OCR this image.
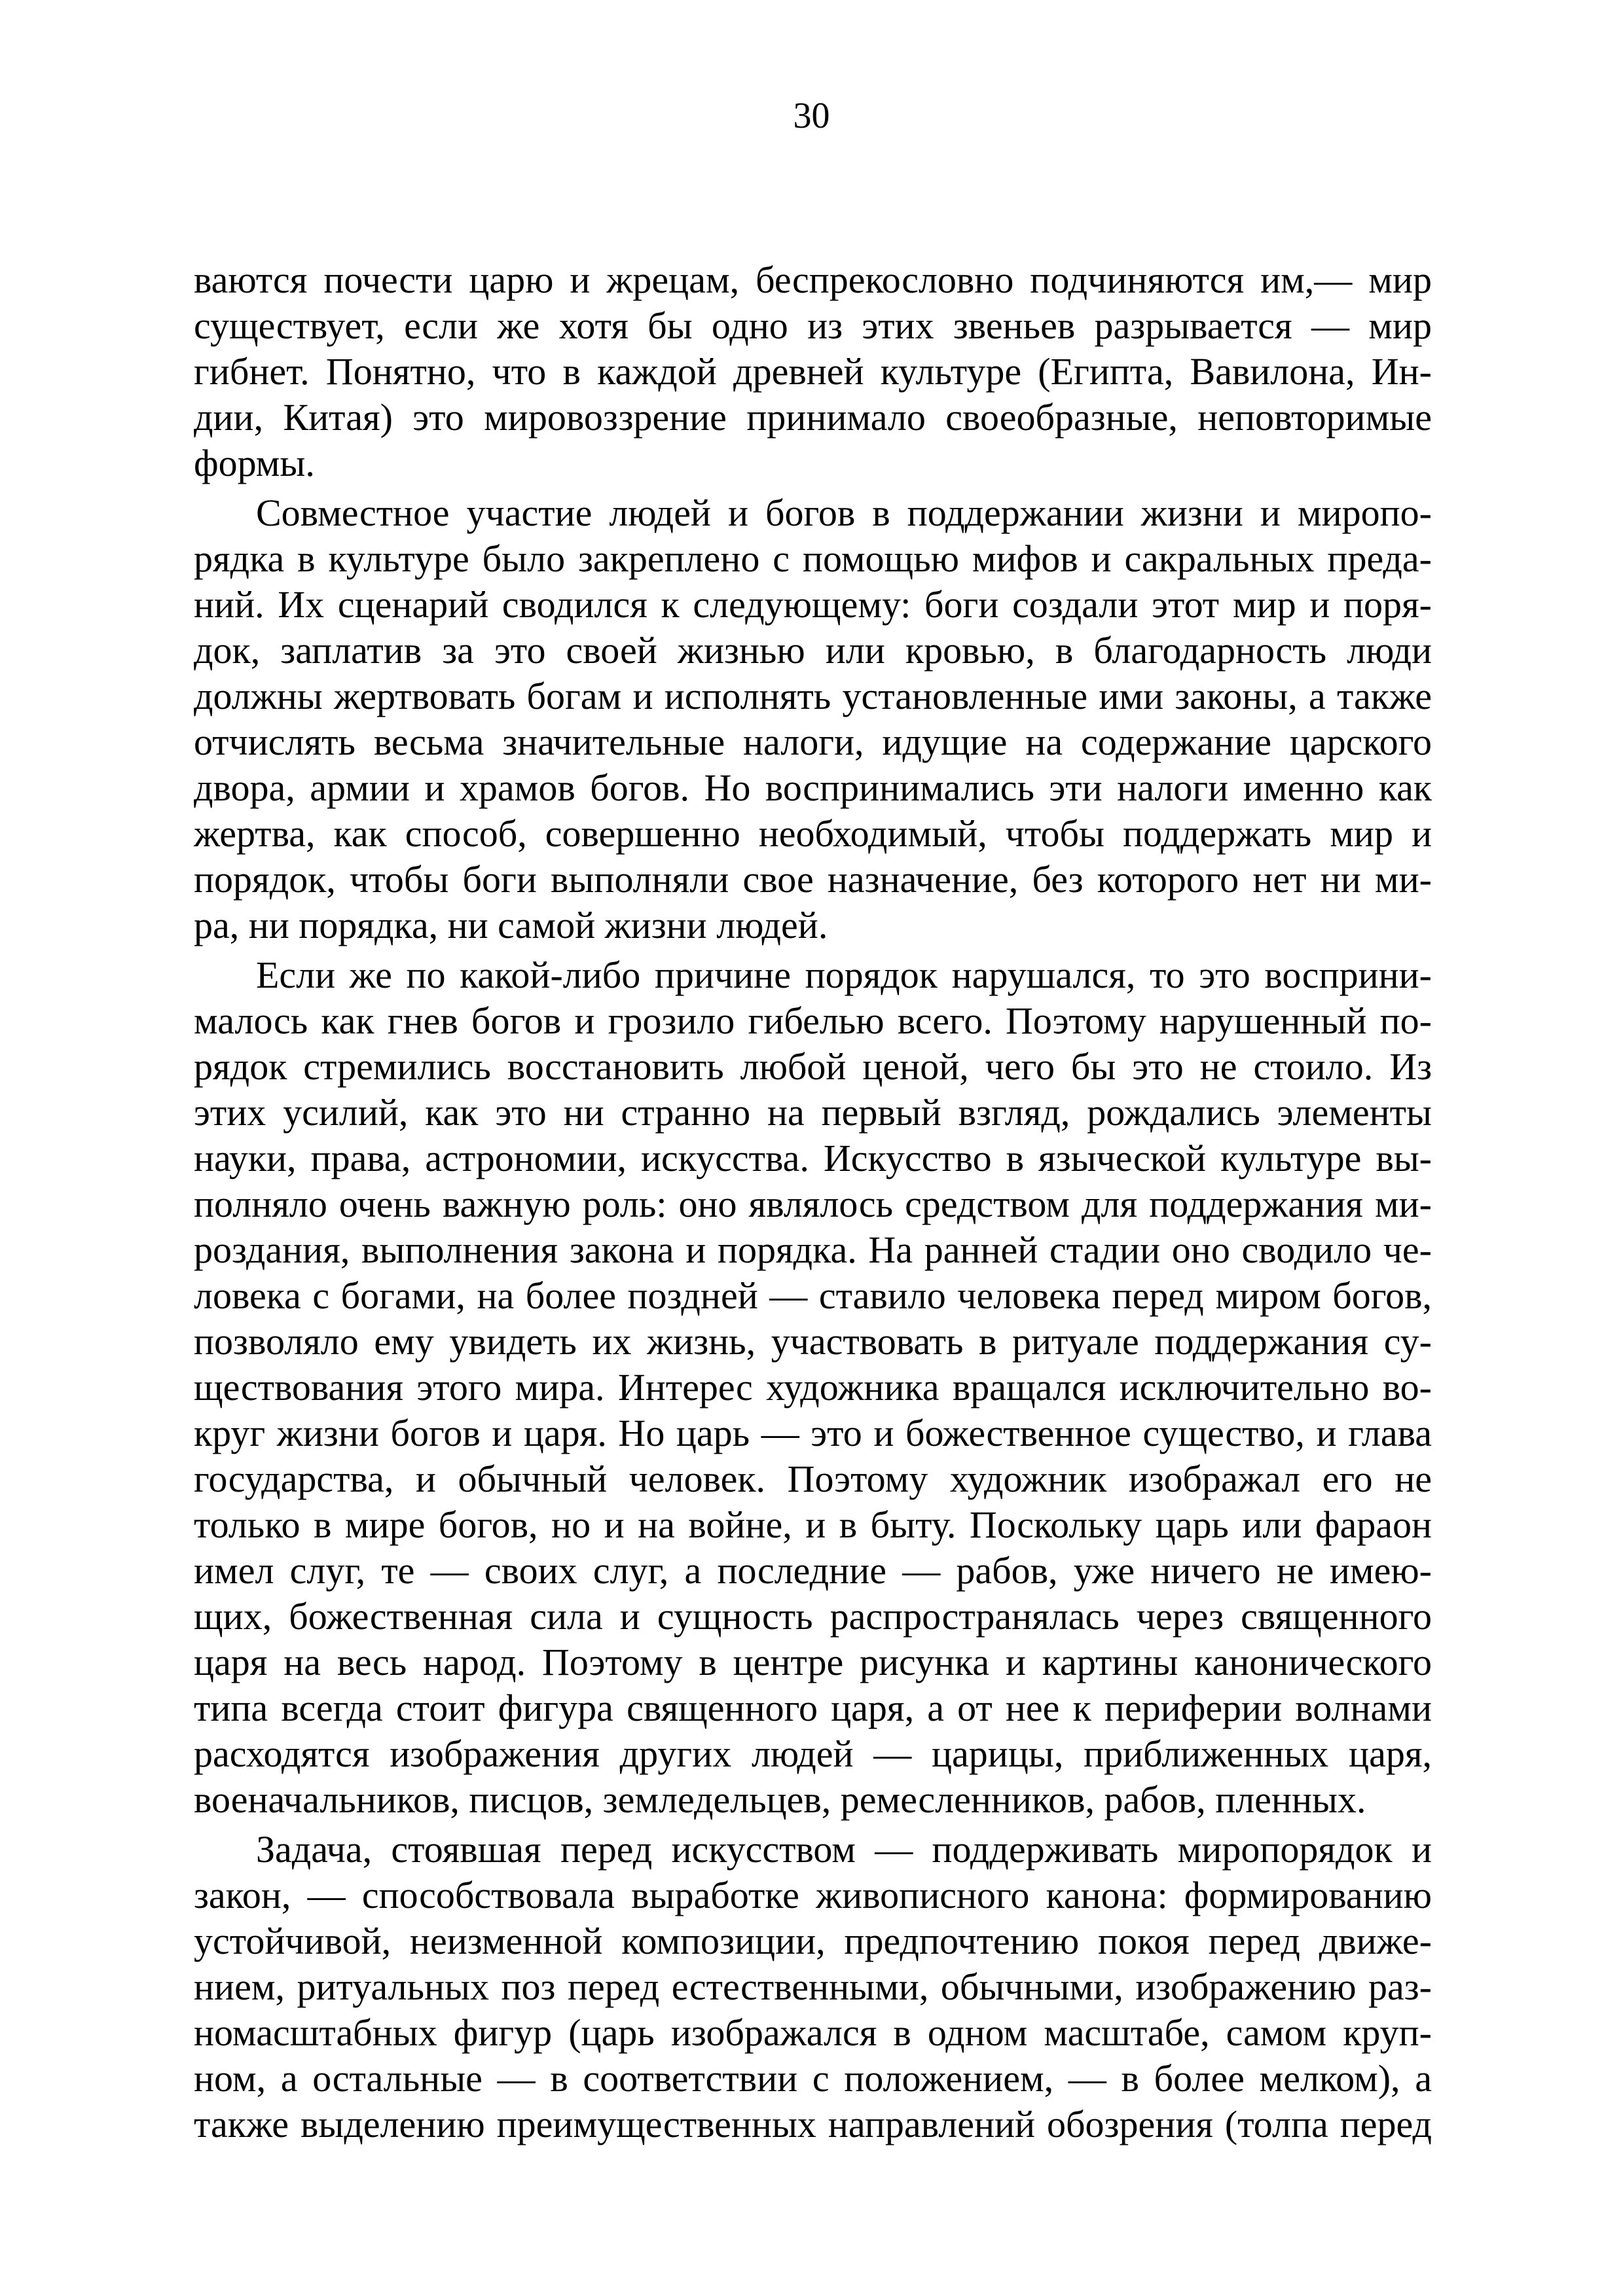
30
ваются почести царю и жрецам, беспрекословно подчиняются им,— мир
существует, если же хотя бы одно из этих звеньев разрывается — мир
гибнет. Понятно, что в каждой древней культуре (Египта, Вавилона, Ин-
дии, Китая) это мировоззрение принимало своеобразные, неповторимые
формы.
Совместное участие людей и богов в поддержании жизни и миропо-
рядка в культуре было закреплено с помощью мифов и сакральных преда-
ний. Их сценарий сводился к следующему: боги создали этот мир и поря-
док, заплатив за это своей жизнью или кровью, в благодарность люди
должны жертвовать богам и исполнять установленные ими законы, а также
отчислять весьма значительные налоги, идущие на содержание царского
двора, армии и храмов богов. Но воспринимались эти налоги именно как
жертва, как способ, совершенно необходимый, чтобы поддержать мир и
порядок, чтобы боги выполняли свое назначение, без которого нет ни ми-
ра, ни порядка, ни самой жизни людей.
Если же по какой-либо причине порядок нарушался, то это восприни-
малось как гнев богов и грозило гибелью всего. Поэтому нарушенный по-
рядок стремились восстановить любой ценой, чего бы это не стоило. Из
этих усилий, как это ни странно на первый взгляд, рождались элементы
науки, права, астрономии, искусства. Искусство в языческой культуре вы-
полняло очень важную роль: оно являлось средством для поддержания ми-
роздания, выполнения закона и порядка. На ранней стадии оно сводило че-
ловека с богами, на более поздней — ставило человека перед миром богов,
позволяло ему увидеть их жизнь, участвовать в ритуале поддержания су-
ществования этого мира. Интерес художника вращался исключительно во-
круг жизни богов и царя. Но царь — это и божественное существо, и глава
государства, и обычный человек. Поэтому художник изображал его не
только в мире богов, но и на войне, и в быту. Поскольку царь или фараон
имел слуг, те — своих слуг, а последние — рабов, уже ничего не имею-
щих, божественная сила и сущность распространялась через священного
царя на весь народ. Поэтому в центре рисунка и картины канонического
типа всегда стоит фигура священного царя, а от нее к периферии волнами
расходятся изображения других людей — царицы, приближенных царя,
военачальников, писцов, земледельцев, ремесленников, рабов, пленных.
Задача, стоявшая перед искусством — поддерживать миропорядок и
закон, — способствовала выработке живописного канона: формированию
устойчивой, неизменной композиции, предпочтению покоя перед движе-
нием, ритуальных поз перед естественными, обычными, изображению раз-
номасштабных фигур (царь изображался в одном масштабе, самом круп-
ном, а остальные — в соответствии с положением, — в более мелком), а
также выделению преимущественных направлений обозрения (толпа перед
